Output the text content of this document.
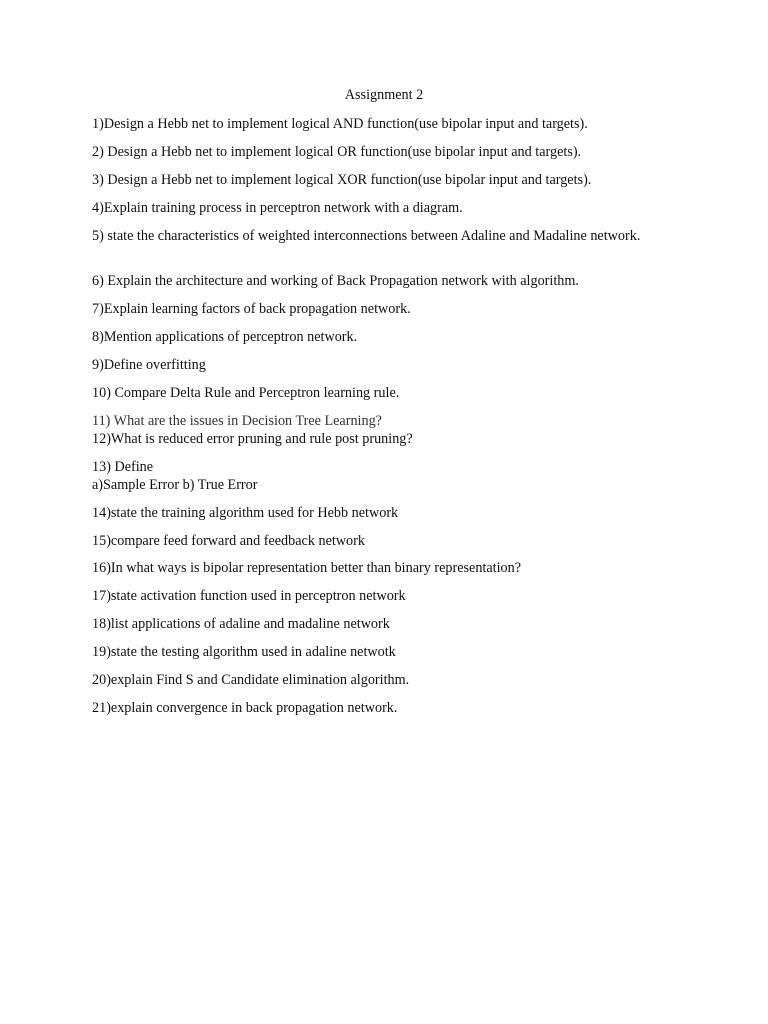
Assignment 2
1)Design a Hebb net to implement logical AND function(use bipolar input and targets).
2) Design a Hebb net to implement logical OR function(use bipolar input and targets).
3) Design a Hebb net to implement logical XOR function(use bipolar input and targets).
4)Explain training process in perceptron network with a diagram.
5) state the characteristics of weighted interconnections between Adaline and Madaline network.
6) Explain the architecture and working of Back Propagation network with algorithm.
7)Explain learning factors of back propagation network.
8)Mention applications of perceptron network.
9)Define overfitting
10) Compare Delta Rule and Perceptron learning rule.
11) What are the issues in Decision Tree Learning?
12)What is reduced error pruning and rule post pruning?
13) Define
a)Sample Error b) True Error
14)state the training algorithm used for Hebb network
15)compare feed forward and feedback network
16)In what ways is bipolar representation better than binary representation?
17)state activation function used in perceptron network
18)list applications of adaline and madaline network
19)state the testing algorithm used in adaline netwotk
20)explain Find S and Candidate elimination algorithm.
21)explain convergence in back propagation network.
